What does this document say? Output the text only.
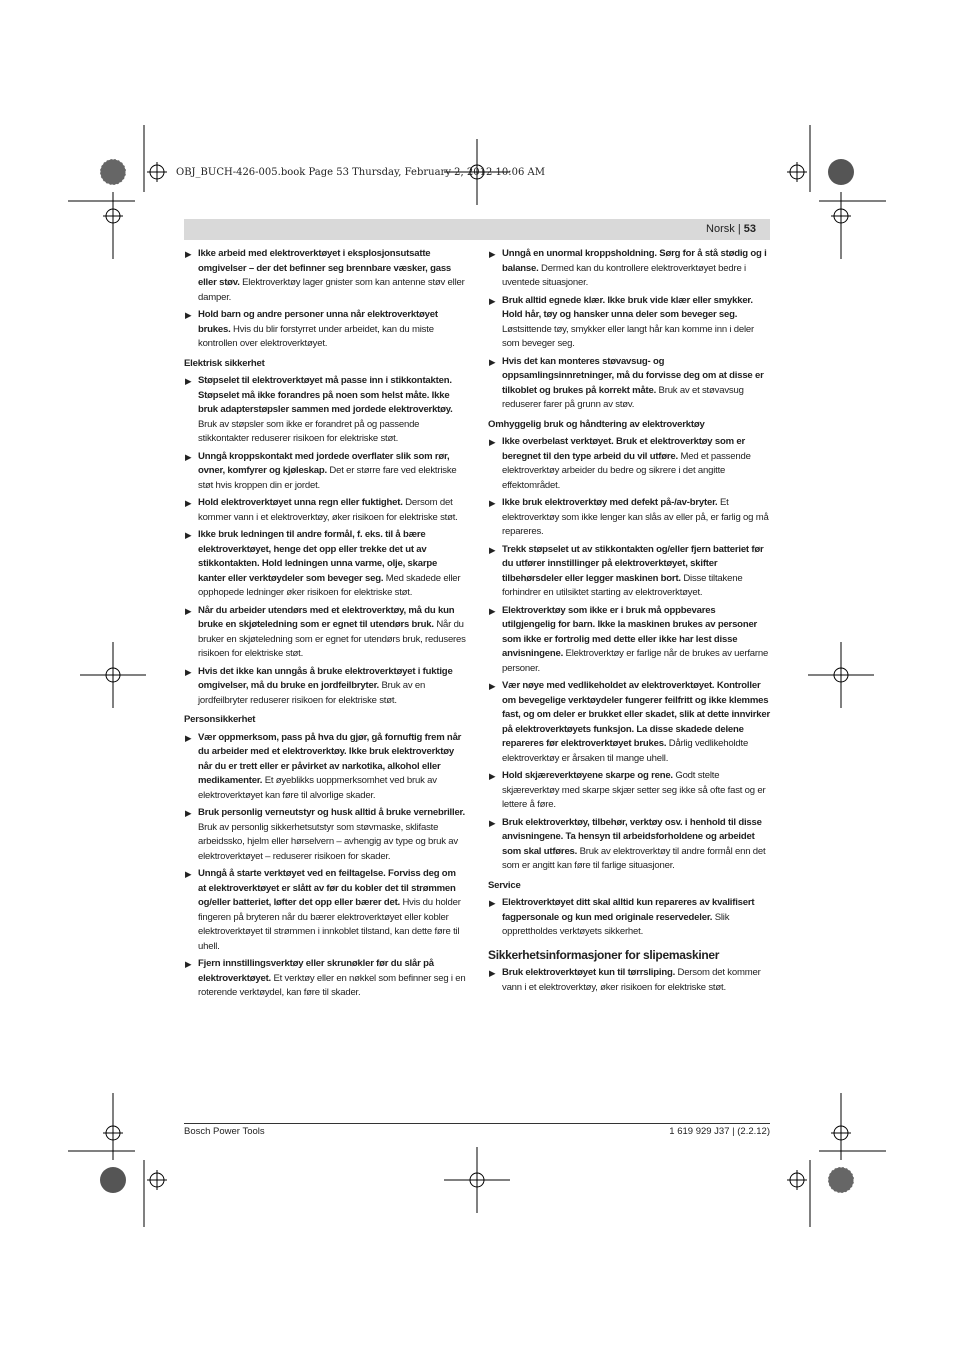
OBJ_BUCH-426-005.book Page 53 Thursday, February 2, 2012 10:06 AM
Norsk | 53
▶ Ikke arbeid med elektroverktøyet i eksplosjonsutsatte omgivelser – der det befinner seg brennbare væsker, gass eller støv. Elektroverktøy lager gnister som kan antenne støv eller damper.
▶ Hold barn og andre personer unna når elektroverktøyet brukes. Hvis du blir forstyrret under arbeidet, kan du miste kontrollen over elektroverktøyet.
Elektrisk sikkerhet
▶ Støpselet til elektroverktøyet må passe inn i stikkontakten. Støpselet må ikke forandres på noen som helst måte. Ikke bruk adapterstøpsler sammen med jordede elektroverktøy. Bruk av støpsler som ikke er forandret på og passende stikkontakter reduserer risikoen for elektriske støt.
▶ Unngå kroppskontakt med jordede overflater slik som rør, ovner, komfyrer og kjøleskap. Det er større fare ved elektriske støt hvis kroppen din er jordet.
▶ Hold elektroverktøyet unna regn eller fuktighet. Dersom det kommer vann i et elektroverktøy, øker risikoen for elektriske støt.
▶ Ikke bruk ledningen til andre formål, f. eks. til å bære elektroverktøyet, henge det opp eller trekke det ut av stikkontakten. Hold ledningen unna varme, olje, skarpe kanter eller verktøydeler som beveger seg. Med skadede eller opphopede ledninger øker risikoen for elektriske støt.
▶ Når du arbeider utendørs med et elektroverktøy, må du kun bruke en skjøteledning som er egnet til utendørs bruk. Når du bruker en skjøteledning som er egnet for utendørs bruk, reduseres risikoen for elektriske støt.
▶ Hvis det ikke kan unngås å bruke elektroverktøyet i fuktige omgivelser, må du bruke en jordfeilbryter. Bruk av en jordfeilbryter reduserer risikoen for elektriske støt.
Personsikkerhet
▶ Vær oppmerksom, pass på hva du gjør, gå fornuftig frem når du arbeider med et elektroverktøy. Ikke bruk elektroverktøy når du er trett eller er påvirket av narkotika, alkohol eller medikamenter. Et øyeblikks uoppmerksomhet ved bruk av elektroverktøyet kan føre til alvorlige skader.
▶ Bruk personlig verneutstyr og husk alltid å bruke vernebriller. Bruk av personlig sikkerhetsutstyr som støvmaske, sklifaste arbeidssko, hjelm eller hørselvern – avhengig av type og bruk av elektroverktøyet – reduserer risikoen for skader.
▶ Unngå å starte verktøyet ved en feiltagelse. Forviss deg om at elektroverktøyet er slått av før du kobler det til strømmen og/eller batteriet, løfter det opp eller bærer det. Hvis du holder fingeren på bryteren når du bærer elektroverktøyet eller kobler elektroverktøyet til strømmen i innkoblet tilstand, kan dette føre til uhell.
▶ Fjern innstillingsverktøy eller skrunøkler før du slår på elektroverktøyet. Et verktøy eller en nøkkel som befinner seg i en roterende verktøydel, kan føre til skader.
▶ Unngå en unormal kroppsholdning. Sørg for å stå stødig og i balanse. Dermed kan du kontrollere elektroverktøyet bedre i uventede situasjoner.
▶ Bruk alltid egnede klær. Ikke bruk vide klær eller smykker. Hold hår, tøy og hansker unna deler som beveger seg. Løstsittende tøy, smykker eller langt hår kan komme inn i deler som beveger seg.
▶ Hvis det kan monteres støvavsug- og oppsamlingsinnretninger, må du forvisse deg om at disse er tilkoblet og brukes på korrekt måte. Bruk av et støvavsug reduserer farer på grunn av støv.
Omhyggelig bruk og håndtering av elektroverktøy
▶ Ikke overbelast verktøyet. Bruk et elektroverktøy som er beregnet til den type arbeid du vil utføre. Med et passende elektroverktøy arbeider du bedre og sikrere i det angitte effektområdet.
▶ Ikke bruk elektroverktøy med defekt på-/av-bryter. Et elektroverktøy som ikke lenger kan slås av eller på, er farlig og må repareres.
▶ Trekk støpselet ut av stikkontakten og/eller fjern batteriet før du utfører innstillinger på elektroverktøyet, skifter tilbehørsdeler eller legger maskinen bort. Disse tiltakene forhindrer en utilsiktet starting av elektroverktøyet.
▶ Elektroverktøy som ikke er i bruk må oppbevares utilgjengelig for barn. Ikke la maskinen brukes av personer som ikke er fortrolig med dette eller ikke har lest disse anvisningene. Elektroverktøy er farlige når de brukes av uerfarne personer.
▶ Vær nøye med vedlikeholdet av elektroverktøyet. Kontroller om bevegelige verktøydeler fungerer feilfritt og ikke klemmes fast, og om deler er brukket eller skadet, slik at dette innvirker på elektroverktøyets funksjon. La disse skadede delene repareres før elektroverktøyet brukes. Dårlig vedlikeholdte elektroverktøy er årsaken til mange uhell.
▶ Hold skjæreverktøyene skarpe og rene. Godt stelte skjæreverktøy med skarpe skjær setter seg ikke så ofte fast og er lettere å føre.
▶ Bruk elektroverktøy, tilbehør, verktøy osv. i henhold til disse anvisningene. Ta hensyn til arbeidsforholdene og arbeidet som skal utføres. Bruk av elektroverktøy til andre formål enn det som er angitt kan føre til farlige situasjoner.
Service
▶ Elektroverktøyet ditt skal alltid kun repareres av kvalifisert fagpersonale og kun med originale reservedeler. Slik opprettholdes verktøyets sikkerhet.
Sikkerhetsinformasjoner for slipemaskiner
▶ Bruk elektroverktøyet kun til tørrsliping. Dersom det kommer vann i et elektroverktøy, øker risikoen for elektriske støt.
Bosch Power Tools	1 619 929 J37 | (2.2.12)
